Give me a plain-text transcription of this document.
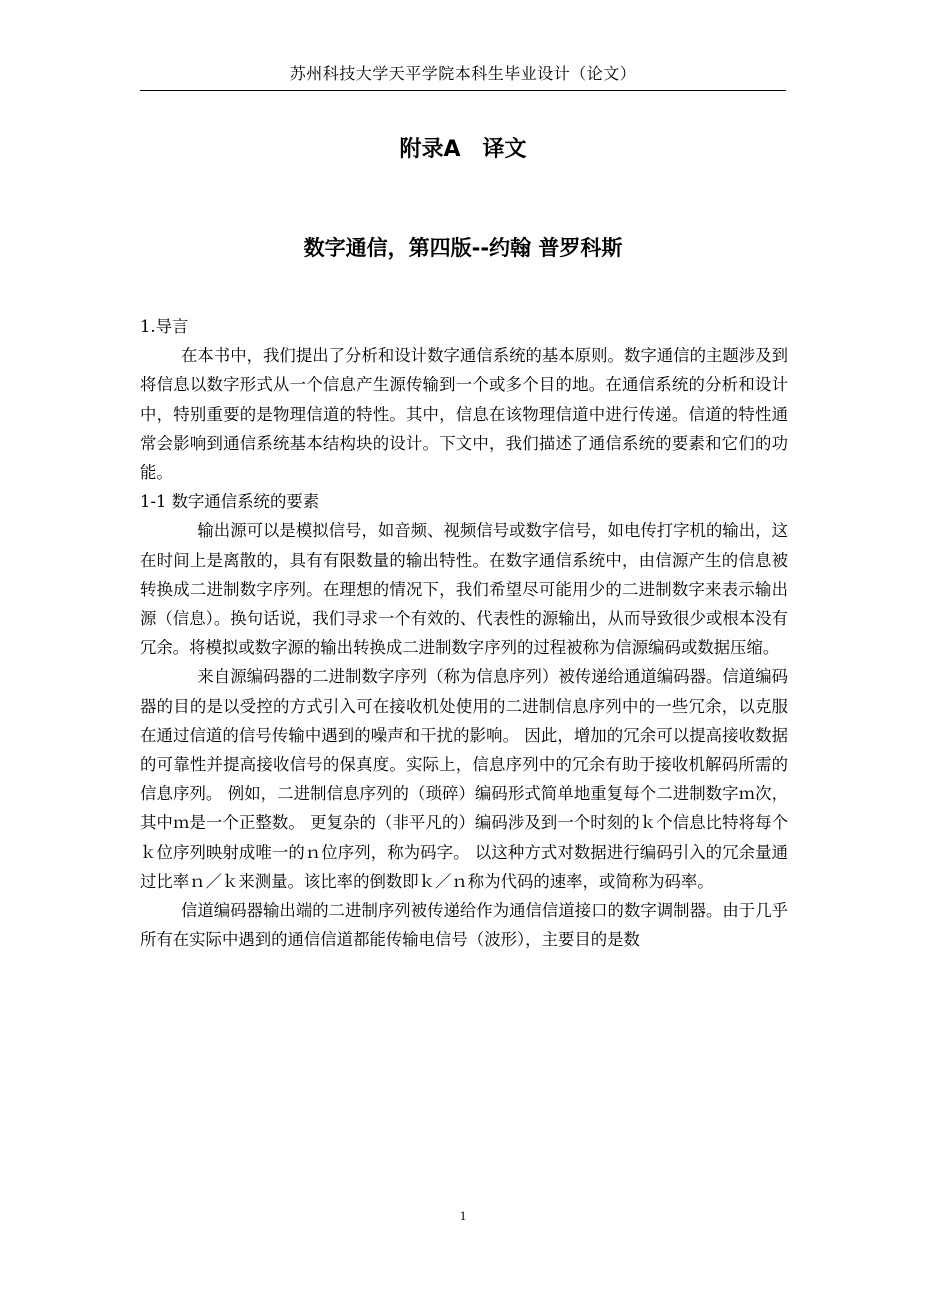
苏州科技大学天平学院本科生毕业设计（论文）
附录A　译文
数字通信，第四版--约翰 普罗科斯

1.导言

在本书中，我们提出了分析和设计数字通信系统的基本原则。数字通信的主题涉及到将信息以数字形式从一个信息产生源传输到一个或多个目的地。在通信系统的分析和设计中，特别重要的是物理信道的特性。其中，信息在该物理信道中进行传递。信道的特性通常会影响到通信系统基本结构块的设计。下文中，我们描述了通信系统的要素和它们的功能。

1-1 数字通信系统的要素

输出源可以是模拟信号，如音频、视频信号或数字信号，如电传打字机的输出，这在时间上是离散的，具有有限数量的输出特性。在数字通信系统中，由信源产生的信息被转换成二进制数字序列。在理想的情况下，我们希望尽可能用少的二进制数字来表示输出源（信息）。换句话说，我们寻求一个有效的、代表性的源输出，从而导致很少或根本没有冗余。将模拟或数字源的输出转换成二进制数字序列的过程被称为信源编码或数据压缩。

来自源编码器的二进制数字序列（称为信息序列）被传递给通道编码器。信道编码器的目的是以受控的方式引入可在接收机处使用的二进制信息序列中的一些冗余，以克服在通过信道的信号传输中遇到的噪声和干扰的影响。 因此，增加的冗余可以提高接收数据的可靠性并提高接收信号的保真度。实际上，信息序列中的冗余有助于接收机解码所需的信息序列。 例如，二进制信息序列的（琐碎）编码形式简单地重复每个二进制数字ｍ次，其中ｍ是一个正整数。 更复杂的（非平凡的）编码涉及到一个时刻的ｋ个信息比特将每个ｋ位序列映射成唯一的ｎ位序列，称为码字。 以这种方式对数据进行编码引入的冗余量通过比率ｎ／ｋ来测量。该比率的倒数即ｋ／ｎ称为代码的速率，或简称为码率。

信道编码器输出端的二进制序列被传递给作为通信信道接口的数字调制器。由于几乎所有在实际中遇到的通信信道都能传输电信号（波形），主要目的是数

1
